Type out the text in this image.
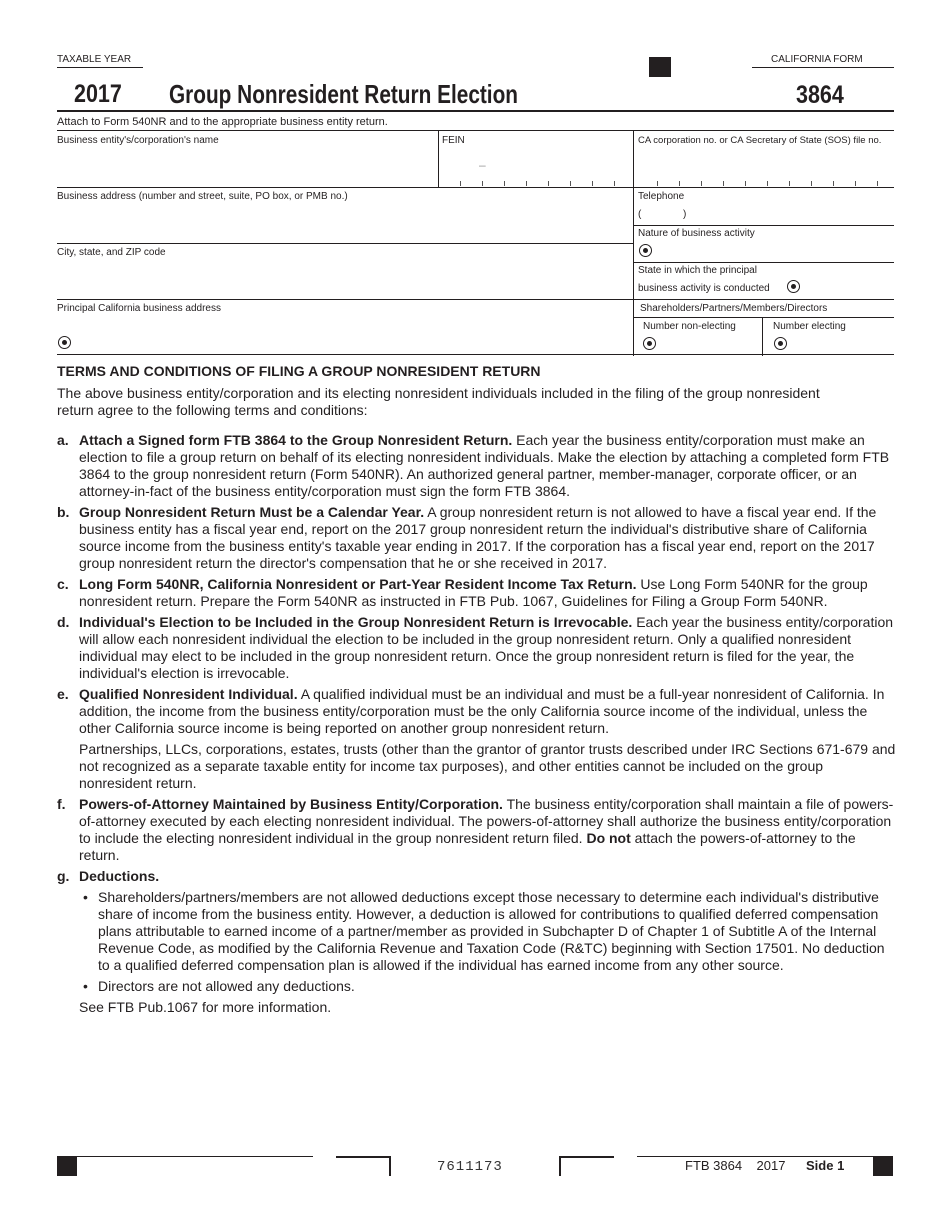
TAXABLE YEAR	CALIFORNIA FORM
2017 Group Nonresident Return Election	3864
Attach to Form 540NR and to the appropriate business entity return.
Business entity's/corporation's name	FEIN
–
CA corporation no. or CA Secretary of State (SOS) file no.
Business address (number and street, suite, PO box, or PMB no.)	Telephone
(               )
Nature of business activity
City, state, and ZIP code
State in which the principal
business activity is conducted
Principal California business address	Shareholders/Partners/Members/Directors
Number non-electing	Number electing
TERMS AND CONDITIONS OF FILING A GROUP NONRESIDENT RETURN
The above business entity/corporation and its electing nonresident individuals included in the filing of the group nonresident return agree to the following terms and conditions:
a. Attach a Signed form FTB 3864 to the Group Nonresident Return. Each year the business entity/corporation must make an election to file a group return on behalf of its electing nonresident individuals. Make the election by attaching a completed form FTB 3864 to the group nonresident return (Form 540NR). An authorized general partner, member-manager, corporate officer, or an attorney-in-fact of the business entity/corporation must sign the form FTB 3864.
b. Group Nonresident Return Must be a Calendar Year. A group nonresident return is not allowed to have a fiscal year end. If the business entity has a fiscal year end, report on the 2017 group nonresident return the individual's distributive share of California source income from the business entity's taxable year ending in 2017. If the corporation has a fiscal year end, report on the 2017 group nonresident return the director's compensation that he or she received in 2017.
c. Long Form 540NR, California Nonresident or Part-Year Resident Income Tax Return. Use Long Form 540NR for the group nonresident return. Prepare the Form 540NR as instructed in FTB Pub. 1067, Guidelines for Filing a Group Form 540NR.
d. Individual's Election to be Included in the Group Nonresident Return is Irrevocable. Each year the business entity/corporation will allow each nonresident individual the election to be included in the group nonresident return. Only a qualified nonresident individual may elect to be included in the group nonresident return. Once the group nonresident return is filed for the year, the individual's election is irrevocable.
e. Qualified Nonresident Individual. A qualified individual must be an individual and must be a full-year nonresident of California. In addition, the income from the business entity/corporation must be the only California source income of the individual, unless the other California source income is being reported on another group nonresident return.

Partnerships, LLCs, corporations, estates, trusts (other than the grantor of grantor trusts described under IRC Sections 671-679 and not recognized as a separate taxable entity for income tax purposes), and other entities cannot be included on the group nonresident return.

f. Powers-of-Attorney Maintained by Business Entity/Corporation. The business entity/corporation shall maintain a file of powers-of-attorney executed by each electing nonresident individual. The powers-of-attorney shall authorize the business entity/corporation to include the electing nonresident individual in the group nonresident return filed. Do not attach the powers-of-attorney to the return.
g. Deductions.
• Shareholders/partners/members are not allowed deductions except those necessary to determine each individual's distributive share of income from the business entity. However, a deduction is allowed for contributions to qualified deferred compensation plans attributable to earned income of a partner/member as provided in Subchapter D of Chapter 1 of Subtitle A of the Internal Revenue Code, as modified by the California Revenue and Taxation Code (R&TC) beginning with Section 17501. No deduction to a qualified deferred compensation plan is allowed if the individual has earned income from any other source.
• Directors are not allowed any deductions.
See FTB Pub.1067 for more information.
7611173	FTB 3864 2017 Side 1
